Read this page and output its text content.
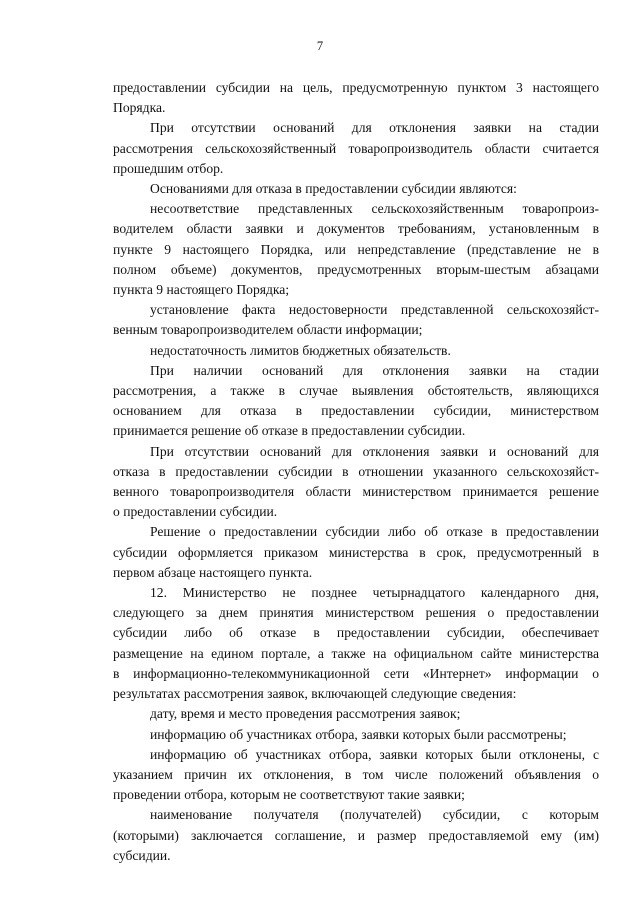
7

предоставлении субсидии на цель, предусмотренную пунктом 3 настоящего
Порядка.

При отсутствии оснований для отклонения заявки на стадии
рассмотрения сельскохозяйственный товаропроизводитель области считается
прошедшим отбор.

Основаниями для отказа в предоставлении субсидии являются:

несоответствие представленных сельскохозяйственным товаропроиз-
водителем области заявки и документов требованиям, установленным в
пункте 9 настоящего Порядка, или непредставление (представление не в
полном объеме) документов, предусмотренных вторым-шестым абзацами
пункта 9 настоящего Порядка;

установление факта недостоверности представленной сельскохозяйст-
венным товаропроизводителем области информации;

недостаточность лимитов бюджетных обязательств.

При наличии оснований для отклонения заявки на стадии
рассмотрения, а также в случае выявления обстоятельств, являющихся
основанием для отказа в предоставлении субсидии, министерством
принимается решение об отказе в предоставлении субсидии.

При отсутствии оснований для отклонения заявки и оснований для
отказа в предоставлении субсидии в отношении указанного сельскохозяйст-
венного товаропроизводителя области министерством принимается решение
о предоставлении субсидии.

Решение о предоставлении субсидии либо об отказе в предоставлении
субсидии оформляется приказом министерства в срок, предусмотренный в
первом абзаце настоящего пункта.

12. Министерство не позднее четырнадцатого календарного дня,
следующего за днем принятия министерством решения о предоставлении
субсидии либо об отказе в предоставлении субсидии, обеспечивает
размещение на едином портале, а также на официальном сайте министерства
в информационно-телекоммуникационной сети «Интернет» информации о
результатах рассмотрения заявок, включающей следующие сведения:

дату, время и место проведения рассмотрения заявок;

информацию об участниках отбора, заявки которых были рассмотрены;

информацию об участниках отбора, заявки которых были отклонены, с
указанием причин их отклонения, в том числе положений объявления о
проведении отбора, которым не соответствуют такие заявки;

наименование получателя (получателей) субсидии, с которым
(которыми) заключается соглашение, и размер предоставляемой ему (им)
субсидии.
